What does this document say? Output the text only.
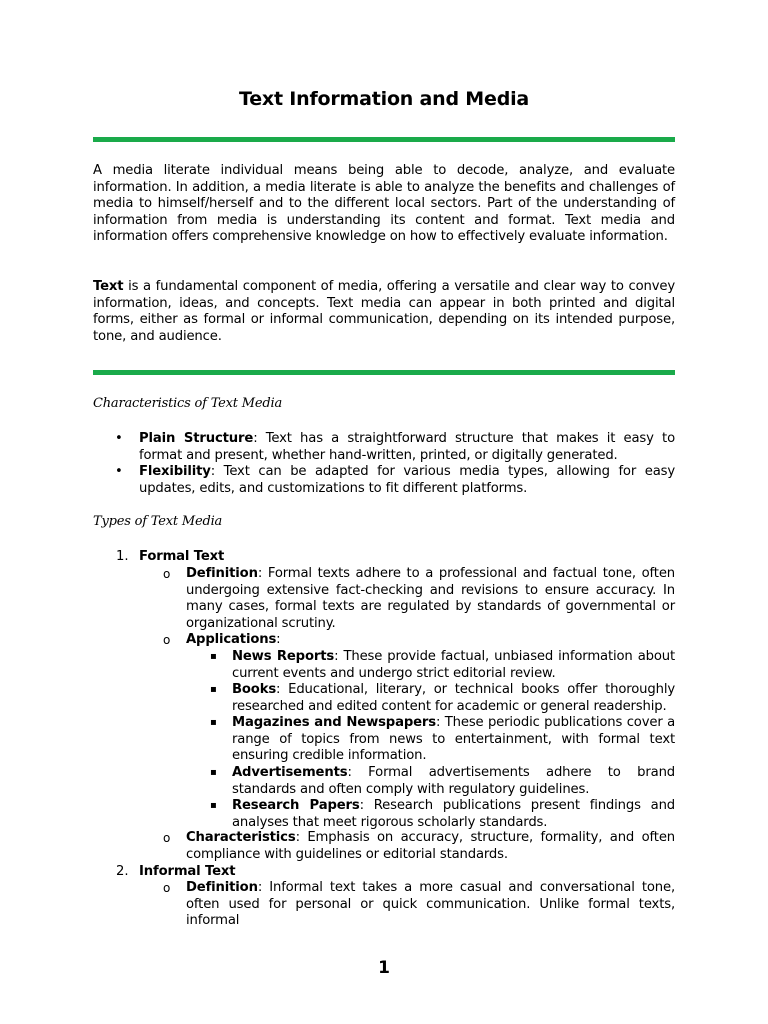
Text Information and Media
A media literate individual means being able to decode, analyze, and evaluate information. In addition, a media literate is able to analyze the benefits and challenges of media to himself/herself and to the different local sectors. Part of the understanding of information from media is understanding its content and format. Text media and information offers comprehensive knowledge on how to effectively evaluate information.
Text is a fundamental component of media, offering a versatile and clear way to convey information, ideas, and concepts. Text media can appear in both printed and digital forms, either as formal or informal communication, depending on its intended purpose, tone, and audience.
Characteristics of Text Media
• Plain Structure: Text has a straightforward structure that makes it easy to format and present, whether hand-written, printed, or digitally generated.
• Flexibility: Text can be adapted for various media types, allowing for easy updates, edits, and customizations to fit different platforms.
Types of Text Media
1. Formal Text
o Definition: Formal texts adhere to a professional and factual tone, often undergoing extensive fact-checking and revisions to ensure accuracy. In many cases, formal texts are regulated by standards of governmental or organizational scrutiny.
o Applications:
▪ News Reports: These provide factual, unbiased information about current events and undergo strict editorial review.
▪ Books: Educational, literary, or technical books offer thoroughly researched and edited content for academic or general readership.
▪ Magazines and Newspapers: These periodic publications cover a range of topics from news to entertainment, with formal text ensuring credible information.
▪ Advertisements: Formal advertisements adhere to brand standards and often comply with regulatory guidelines.
▪ Research Papers: Research publications present findings and analyses that meet rigorous scholarly standards.
o Characteristics: Emphasis on accuracy, structure, formality, and often compliance with guidelines or editorial standards.
2. Informal Text
o Definition: Informal text takes a more casual and conversational tone, often used for personal or quick communication. Unlike formal texts, informal
1
